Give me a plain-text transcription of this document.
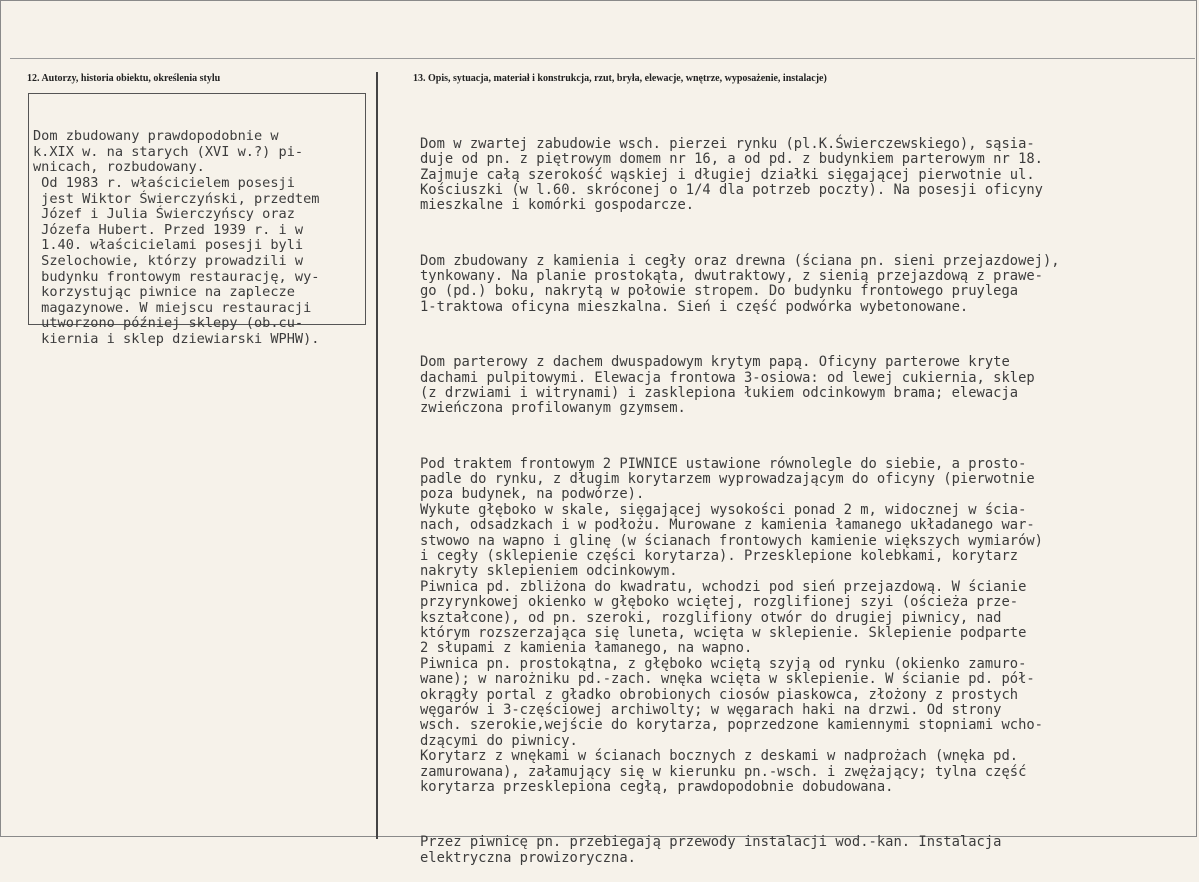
12. Autorzy, historia obiektu, określenia stylu	13. Opis, sytuacja, materiał i konstrukcja, rzut, bryła, elewacje, wnętrze, wyposażenie, instalacje)

Dom zbudowany prawdopodobnie w
k.XIX w. na starych (XVI w.?) pi-
wnicach, rozbudowany.
Od 1983 r. właścicielem posesji
jest Wiktor Świerczyński, przedtem
Józef i Julia Świerczyńscy oraz
Józefa Hubert. Przed 1939 r. i w
1.40. właścicielami posesji byli
Szelochowie, którzy prowadzili w
budynku frontowym restaurację, wy-
korzystując piwnice na zaplecze
magazynowe. W miejscu restauracji
utworzono później sklepy (ob.cu-
kiernia i sklep dziewiarski WPHW).

Dom w zwartej zabudowie wsch. pierzei rynku (pl.K.Świerczewskiego), sąsia-
duje od pn. z piętrowym domem nr 16, a od pd. z budynkiem parterowym nr 18.
Zajmuje całą szerokość wąskiej i długiej działki sięgającej pierwotnie ul.
Kościuszki (w l.60. skróconej o 1/4 dla potrzeb poczty). Na posesji oficyny
mieszkalne i komórki gospodarcze.

Dom zbudowany z kamienia i cegły oraz drewna (ściana pn. sieni przejazdowej),
tynkowany. Na planie prostokąta, dwutraktowy, z sienią przejazdową z prawe-
go (pd.) boku, nakrytą w połowie stropem. Do budynku frontowego pruylega
1-traktowa oficyna mieszkalna. Sień i część podwórka wybetonowane.

Dom parterowy z dachem dwuspadowym krytym papą. Oficyny parterowe kryte
dachami pulpitowymi. Elewacja frontowa 3-osiowa: od lewej cukiernia, sklep
(z drzwiami i witrynami) i zasklepiona łukiem odcinkowym brama; elewacja
zwieńczona profilowanym gzymsem.

Pod traktem frontowym 2 PIWNICE ustawione równolegle do siebie, a prosto-
padle do rynku, z długim korytarzem wyprowadzającym do oficyny (pierwotnie
poza budynek, na podwórze).
Wykute głęboko w skale, sięgającej wysokości ponad 2 m, widocznej w ścia-
nach, odsadzkach i w podłożu. Murowane z kamienia łamanego układanego war-
stwowo na wapno i glinę (w ścianach frontowych kamienie większych wymiarów)
i cegły (sklepienie części korytarza). Przesklepione kolebkami, korytarz
nakryty sklepieniem odcinkowym.
Piwnica pd. zbliżona do kwadratu, wchodzi pod sień przejazdową. W ścianie
przyrynkowej okienko w głęboko wciętej, rozglifionej szyi (ościeża prze-
kształcone), od pn. szeroki, rozglifiony otwór do drugiej piwnicy, nad
którym rozszerzająca się luneta, wcięta w sklepienie. Sklepienie podparte
2 słupami z kamienia łamanego, na wapno.
Piwnica pn. prostokątna, z głęboko wciętą szyją od rynku (okienko zamuro-
wane); w narożniku pd.-zach. wnęka wcięta w sklepienie. W ścianie pd. pół-
okrągły portal z gładko obrobionych ciosów piaskowca, złożony z prostych
węgarów i 3-częściowej archiwolty; w węgarach haki na drzwi. Od strony
wsch. szerokie,wejście do korytarza, poprzedzone kamiennymi stopniami wcho-
dzącymi do piwnicy.
Korytarz z wnękami w ścianach bocznych z deskami w nadprożach (wnęka pd.
zamurowana), załamujący się w kierunku pn.-wsch. i zwężający; tylna część
korytarza przesklepiona cegłą, prawdopodobnie dobudowana.

Przez piwnicę pn. przebiegają przewody instalacji wod.-kan. Instalacja
elektryczna prowizoryczna.
